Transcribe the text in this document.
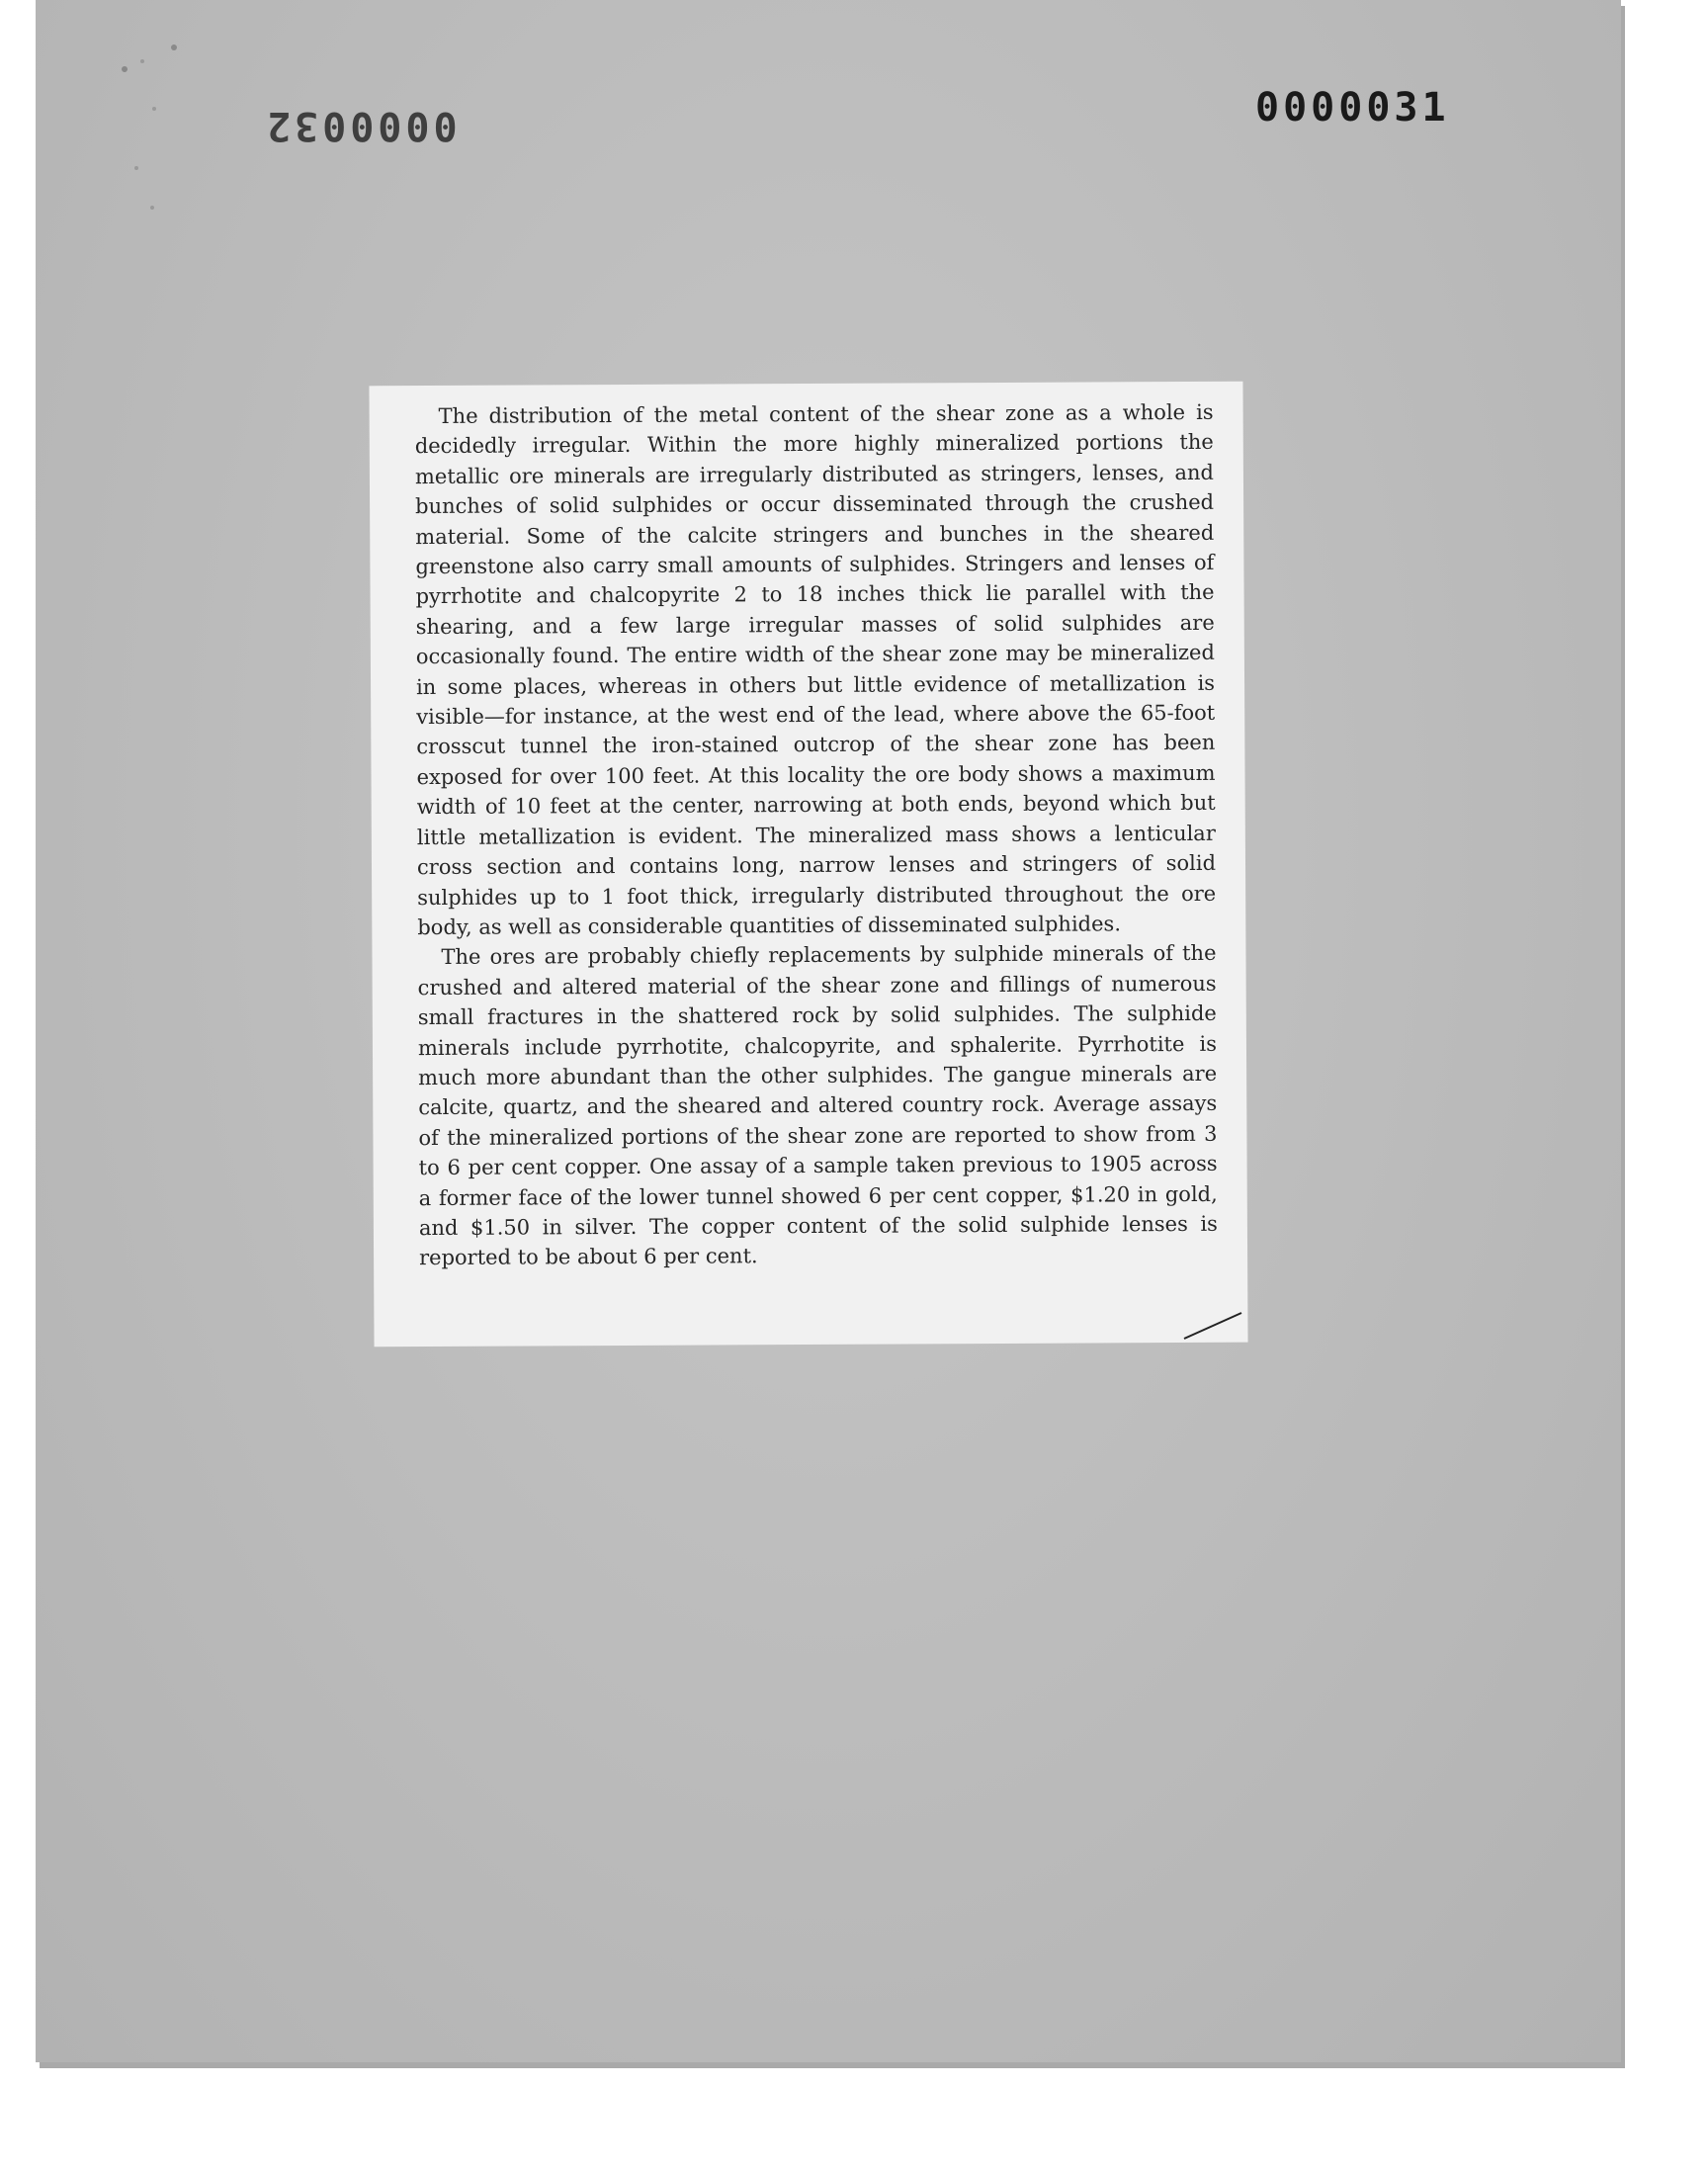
0000032	0000031

The distribution of the metal content of the shear zone as a whole is decidedly irregular. Within the more highly mineralized portions the metallic ore minerals are irregularly distributed as stringers, lenses, and bunches of solid sulphides or occur disseminated through the crushed material. Some of the calcite stringers and bunches in the sheared greenstone also carry small amounts of sulphides. Stringers and lenses of pyrrhotite and chalcopyrite 2 to 18 inches thick lie parallel with the shearing, and a few large irregular masses of solid sulphides are occasionally found. The entire width of the shear zone may be mineralized in some places, whereas in others but little evidence of metallization is visible—for instance, at the west end of the lead, where above the 65-foot crosscut tunnel the iron-stained outcrop of the shear zone has been exposed for over 100 feet. At this locality the ore body shows a maximum width of 10 feet at the center, narrowing at both ends, beyond which but little metallization is evident. The mineralized mass shows a lenticular cross section and contains long, narrow lenses and stringers of solid sulphides up to 1 foot thick, irregularly distributed throughout the ore body, as well as considerable quantities of disseminated sulphides.

The ores are probably chiefly replacements by sulphide minerals of the crushed and altered material of the shear zone and fillings of numerous small fractures in the shattered rock by solid sulphides. The sulphide minerals include pyrrhotite, chalcopyrite, and sphalerite. Pyrrhotite is much more abundant than the other sulphides. The gangue minerals are calcite, quartz, and the sheared and altered country rock. Average assays of the mineralized portions of the shear zone are reported to show from 3 to 6 per cent copper. One assay of a sample taken previous to 1905 across a former face of the lower tunnel showed 6 per cent copper, $1.20 in gold, and $1.50 in silver. The copper content of the solid sulphide lenses is reported to be about 6 per cent.
